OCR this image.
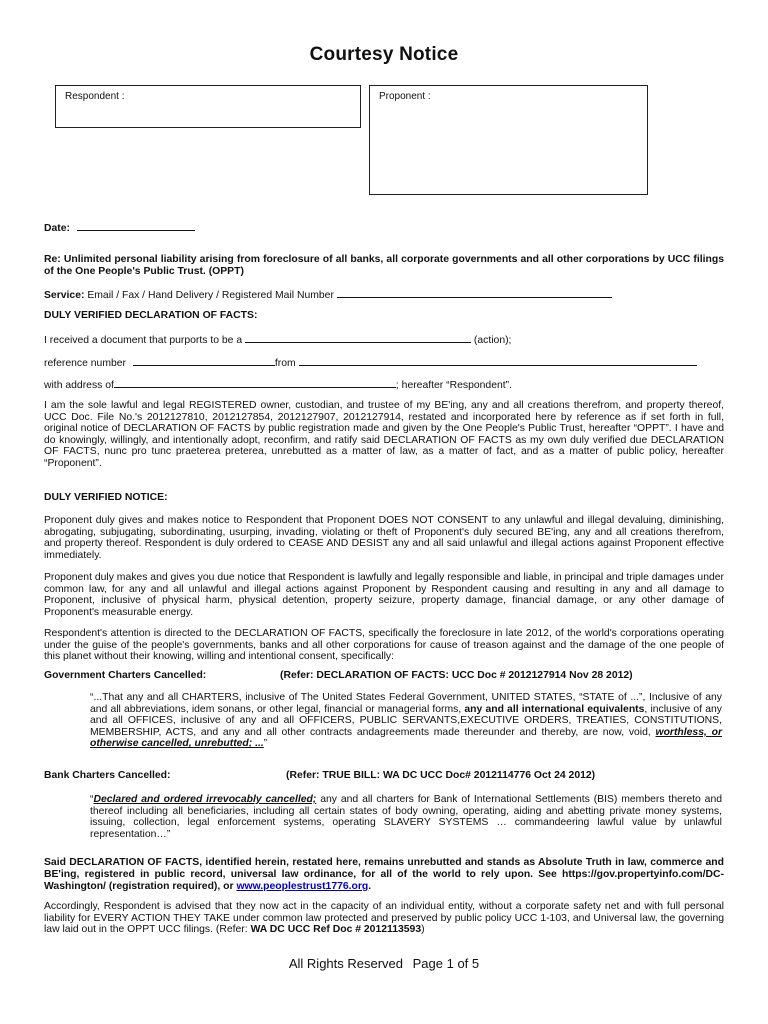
Courtesy Notice
Respondent :	Proponent :
Date:
Re: Unlimited personal liability arising from foreclosure of all banks, all corporate governments and all other corporations by UCC filings of the One People's Public Trust. (OPPT)
Service: Email / Fax / Hand Delivery / Registered Mail Number
DULY VERIFIED DECLARATION OF FACTS:
I received a document that purports to be a	(action);
reference number	from
with address of	; hereafter “Respondent”.
I am the sole lawful and legal REGISTERED owner, custodian, and trustee of my BE'ing, any and all creations therefrom, and property thereof, UCC Doc. File No.'s 2012127810, 2012127854, 2012127907, 2012127914, restated and incorporated here by reference as if set forth in full, original notice of DECLARATION OF FACTS by public registration made and given by the One People's Public Trust, hereafter “OPPT”. I have and do knowingly, willingly, and intentionally adopt, reconfirm, and ratify said DECLARATION OF FACTS as my own duly verified due DECLARATION OF FACTS, nunc pro tunc praeterea preterea, unrebutted as a matter of law, as a matter of fact, and as a matter of public policy, hereafter “Proponent”.
DULY VERIFIED NOTICE:
Proponent duly gives and makes notice to Respondent that Proponent DOES NOT CONSENT to any unlawful and illegal devaluing, diminishing, abrogating, subjugating, subordinating, usurping, invading, violating or theft of Proponent's duly secured BE'ing, any and all creations therefrom, and property thereof. Respondent is duly ordered to CEASE AND DESIST any and all said unlawful and illegal actions against Proponent effective immediately.
Proponent duly makes and gives you due notice that Respondent is lawfully and legally responsible and liable, in principal and triple damages under common law, for any and all unlawful and illegal actions against Proponent by Respondent causing and resulting in any and all damage to Proponent, inclusive of physical harm, physical detention, property seizure, property damage, financial damage, or any other damage of Proponent's measurable energy.
Respondent's attention is directed to the DECLARATION OF FACTS, specifically the foreclosure in late 2012, of the world's corporations operating under the guise of the people's governments, banks and all other corporations for cause of treason against and the damage of the one people of this planet without their knowing, willing and intentional consent, specifically:
Government Charters Cancelled:	(Refer: DECLARATION OF FACTS: UCC Doc # 2012127914 Nov 28 2012)
“...That any and all CHARTERS, inclusive of The United States Federal Government, UNITED STATES, “STATE of ...”, Inclusive of any and all abbreviations, idem sonans, or other legal, financial or managerial forms, any and all international equivalents, inclusive of any and all OFFICES, inclusive of any and all OFFICERS, PUBLIC SERVANTS,EXECUTIVE ORDERS, TREATIES, CONSTITUTIONS, MEMBERSHIP, ACTS, and any and all other contracts andagreements made thereunder and thereby, are now, void, worthless, or otherwise cancelled, unrebutted; ...”
Bank Charters Cancelled:	(Refer: TRUE BILL: WA DC UCC Doc# 2012114776 Oct 24 2012)
“Declared and ordered irrevocably cancelled; any and all charters for Bank of International Settlements (BIS) members thereto and thereof including all beneficiaries, including all certain states of body owning, operating, aiding and abetting private money systems, issuing, collection, legal enforcement systems, operating SLAVERY SYSTEMS … commandeering lawful value by unlawful representation…”
Said DECLARATION OF FACTS, identified herein, restated here, remains unrebutted and stands as Absolute Truth in law, commerce and BE'ing, registered in public record, universal law ordinance, for all of the world to rely upon. See https://gov.propertyinfo.com/DC-Washington/ (registration required), or www.peoplestrust1776.org.
Accordingly, Respondent is advised that they now act in the capacity of an individual entity, without a corporate safety net and with full personal liability for EVERY ACTION THEY TAKE under common law protected and preserved by public policy UCC 1-103, and Universal law, the governing law laid out in the OPPT UCC filings. (Refer: WA DC UCC Ref Doc # 2012113593)
All Rights Reserved Page 1 of 5
